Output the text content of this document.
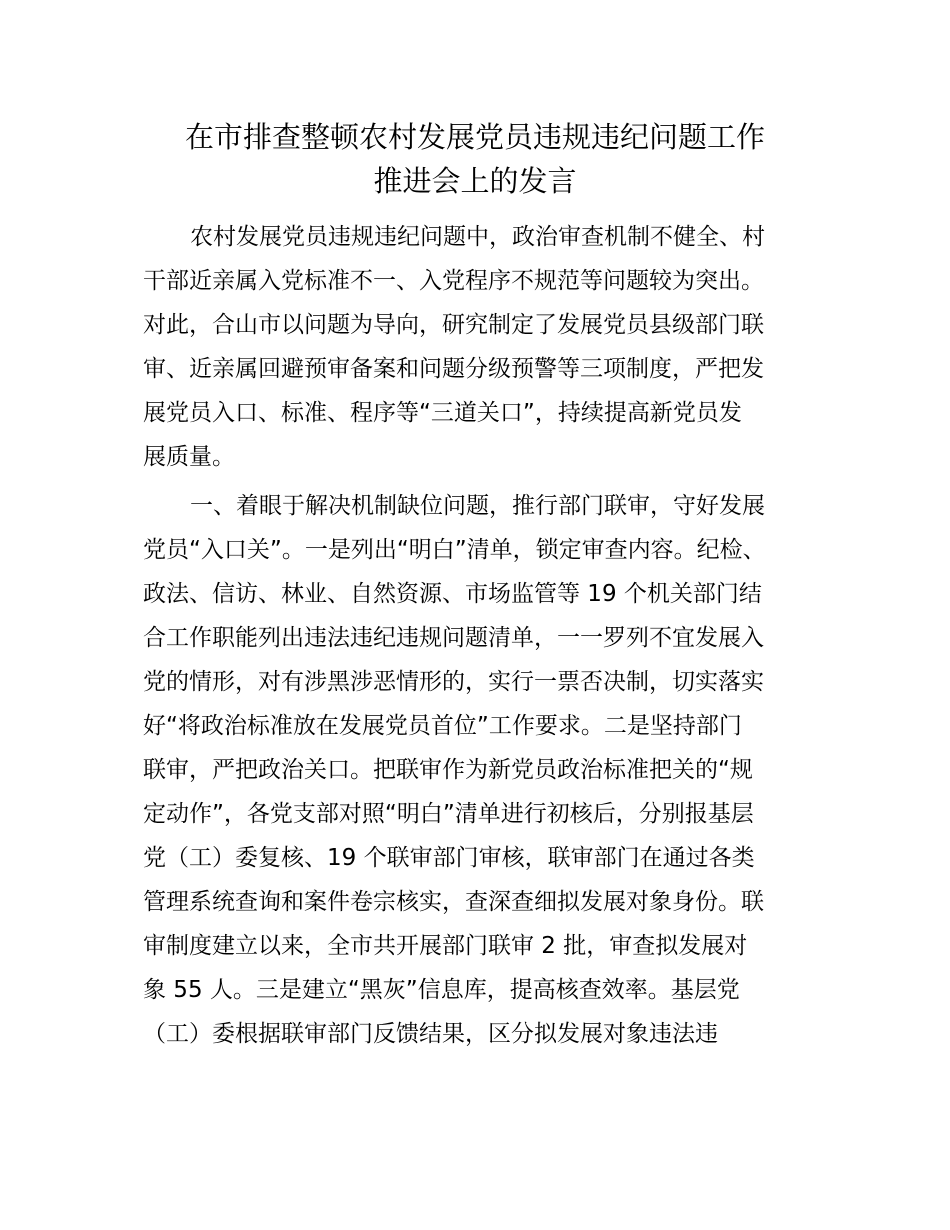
在市排查整顿农村发展党员违规违纪问题工作
推进会上的发言

农村发展党员违规违纪问题中，政治审查机制不健全、村

干部近亲属入党标准不一、入党程序不规范等问题较为突出。

对此，合山市以问题为导向，研究制定了发展党员县级部门联

审、近亲属回避预审备案和问题分级预警等三项制度，严把发

展党员入口、标准、程序等“三道关口”，持续提高新党员发

展质量。

一、着眼于解决机制缺位问题，推行部门联审，守好发展

党员“入口关”。一是列出“明白”清单，锁定审查内容。纪检、

政法、信访、林业、自然资源、市场监管等 19 个机关部门结

合工作职能列出违法违纪违规问题清单，一一罗列不宜发展入

党的情形，对有涉黑涉恶情形的，实行一票否决制，切实落实

好“将政治标准放在发展党员首位”工作要求。二是坚持部门

联审，严把政治关口。把联审作为新党员政治标准把关的“规

定动作”，各党支部对照“明白”清单进行初核后，分别报基层

党（工）委复核、19 个联审部门审核，联审部门在通过各类

管理系统查询和案件卷宗核实，查深查细拟发展对象身份。联

审制度建立以来，全市共开展部门联审 2 批，审查拟发展对

象 55 人。三是建立“黑灰”信息库，提高核查效率。基层党

（工）委根据联审部门反馈结果，区分拟发展对象违法违
